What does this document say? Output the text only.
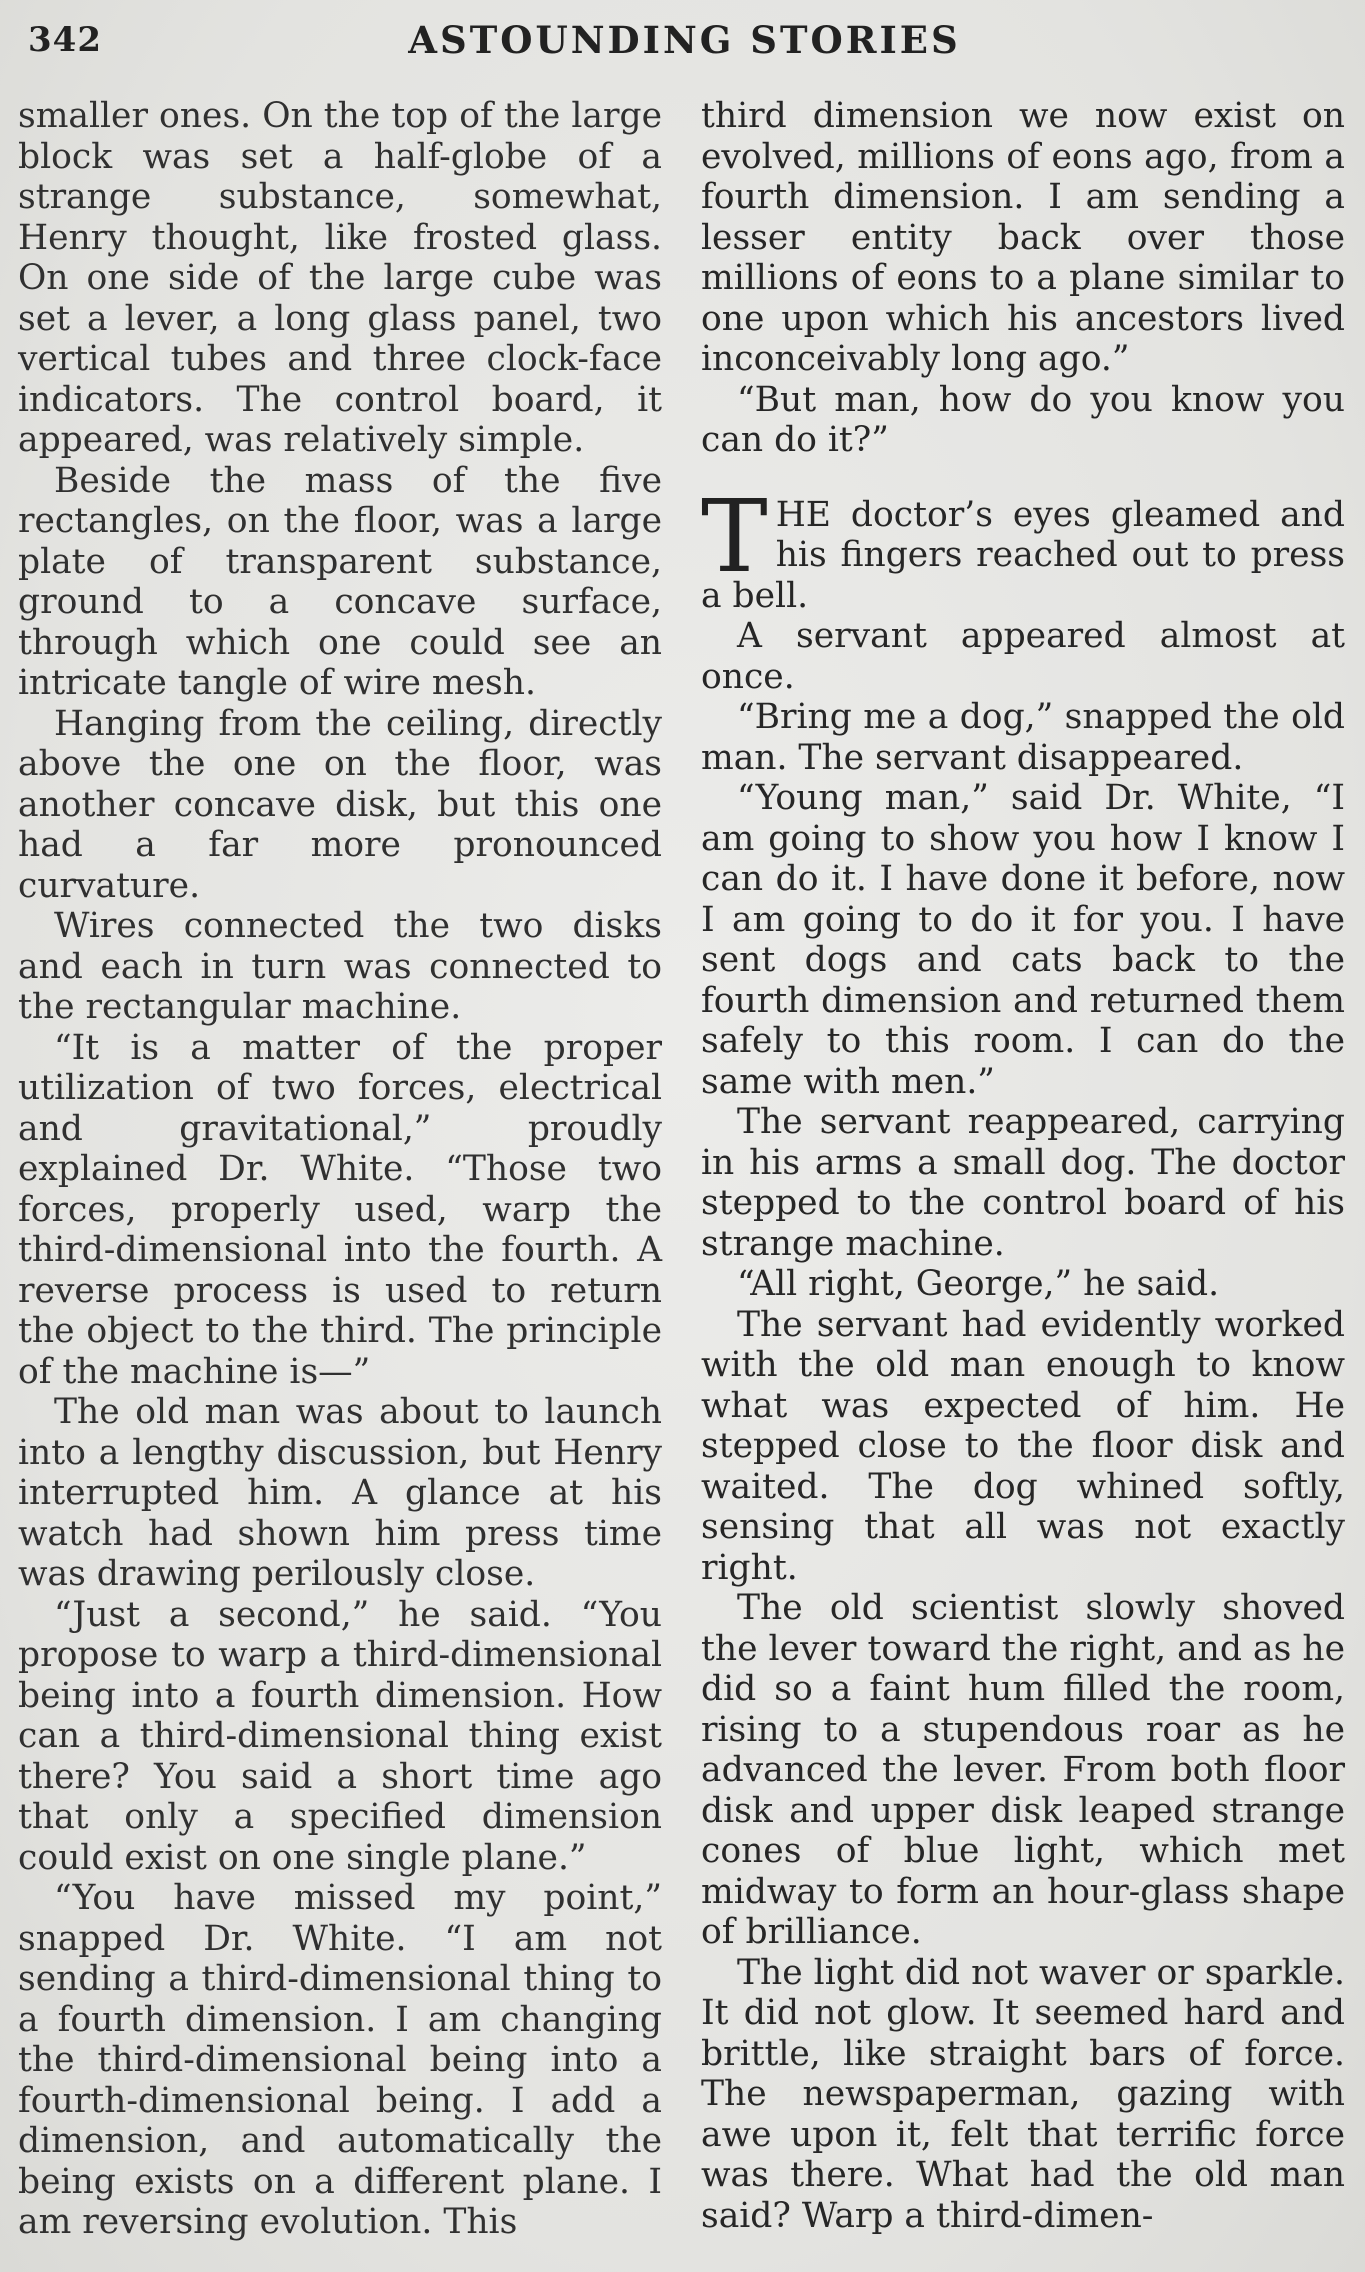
342	ASTOUNDING STORIES

smaller ones. On the top of the large block was set a half-globe of a strange substance, somewhat, Henry thought, like frosted glass. On one side of the large cube was set a lever, a long glass panel, two vertical tubes and three clock-face indicators. The control board, it appeared, was relatively simple.

Beside the mass of the five rectangles, on the floor, was a large plate of transparent substance, ground to a concave surface, through which one could see an intricate tangle of wire mesh.

Hanging from the ceiling, directly above the one on the floor, was another concave disk, but this one had a far more pronounced curvature.

Wires connected the two disks and each in turn was connected to the rectangular machine.

“It is a matter of the proper utilization of two forces, electrical and gravitational,” proudly explained Dr. White. “Those two forces, properly used, warp the third-dimensional into the fourth. A reverse process is used to return the object to the third. The principle of the machine is—”

The old man was about to launch into a lengthy discussion, but Henry interrupted him. A glance at his watch had shown him press time was drawing perilously close.

“Just a second,” he said. “You propose to warp a third-dimensional being into a fourth dimension. How can a third-dimensional thing exist there? You said a short time ago that only a specified dimension could exist on one single plane.”

“You have missed my point,” snapped Dr. White. “I am not sending a third-dimensional thing to a fourth dimension. I am changing the third-dimensional being into a fourth-dimensional being. I add a dimension, and automatically the being exists on a different plane. I am reversing evolution. This

third dimension we now exist on evolved, millions of eons ago, from a fourth dimension. I am sending a lesser entity back over those millions of eons to a plane similar to one upon which his ancestors lived inconceivably long ago.”

“But man, how do you know you can do it?”

THE doctor’s eyes gleamed and his fingers reached out to press a bell.

A servant appeared almost at once.

“Bring me a dog,” snapped the old man. The servant disappeared.

“Young man,” said Dr. White, “I am going to show you how I know I can do it. I have done it before, now I am going to do it for you. I have sent dogs and cats back to the fourth dimension and returned them safely to this room. I can do the same with men.”

The servant reappeared, carrying in his arms a small dog. The doctor stepped to the control board of his strange machine.

“All right, George,” he said.

The servant had evidently worked with the old man enough to know what was expected of him. He stepped close to the floor disk and waited. The dog whined softly, sensing that all was not exactly right.

The old scientist slowly shoved the lever toward the right, and as he did so a faint hum filled the room, rising to a stupendous roar as he advanced the lever. From both floor disk and upper disk leaped strange cones of blue light, which met midway to form an hour-glass shape of brilliance.

The light did not waver or sparkle. It did not glow. It seemed hard and brittle, like straight bars of force. The newspaperman, gazing with awe upon it, felt that terrific force was there. What had the old man said? Warp a third-dimen-
